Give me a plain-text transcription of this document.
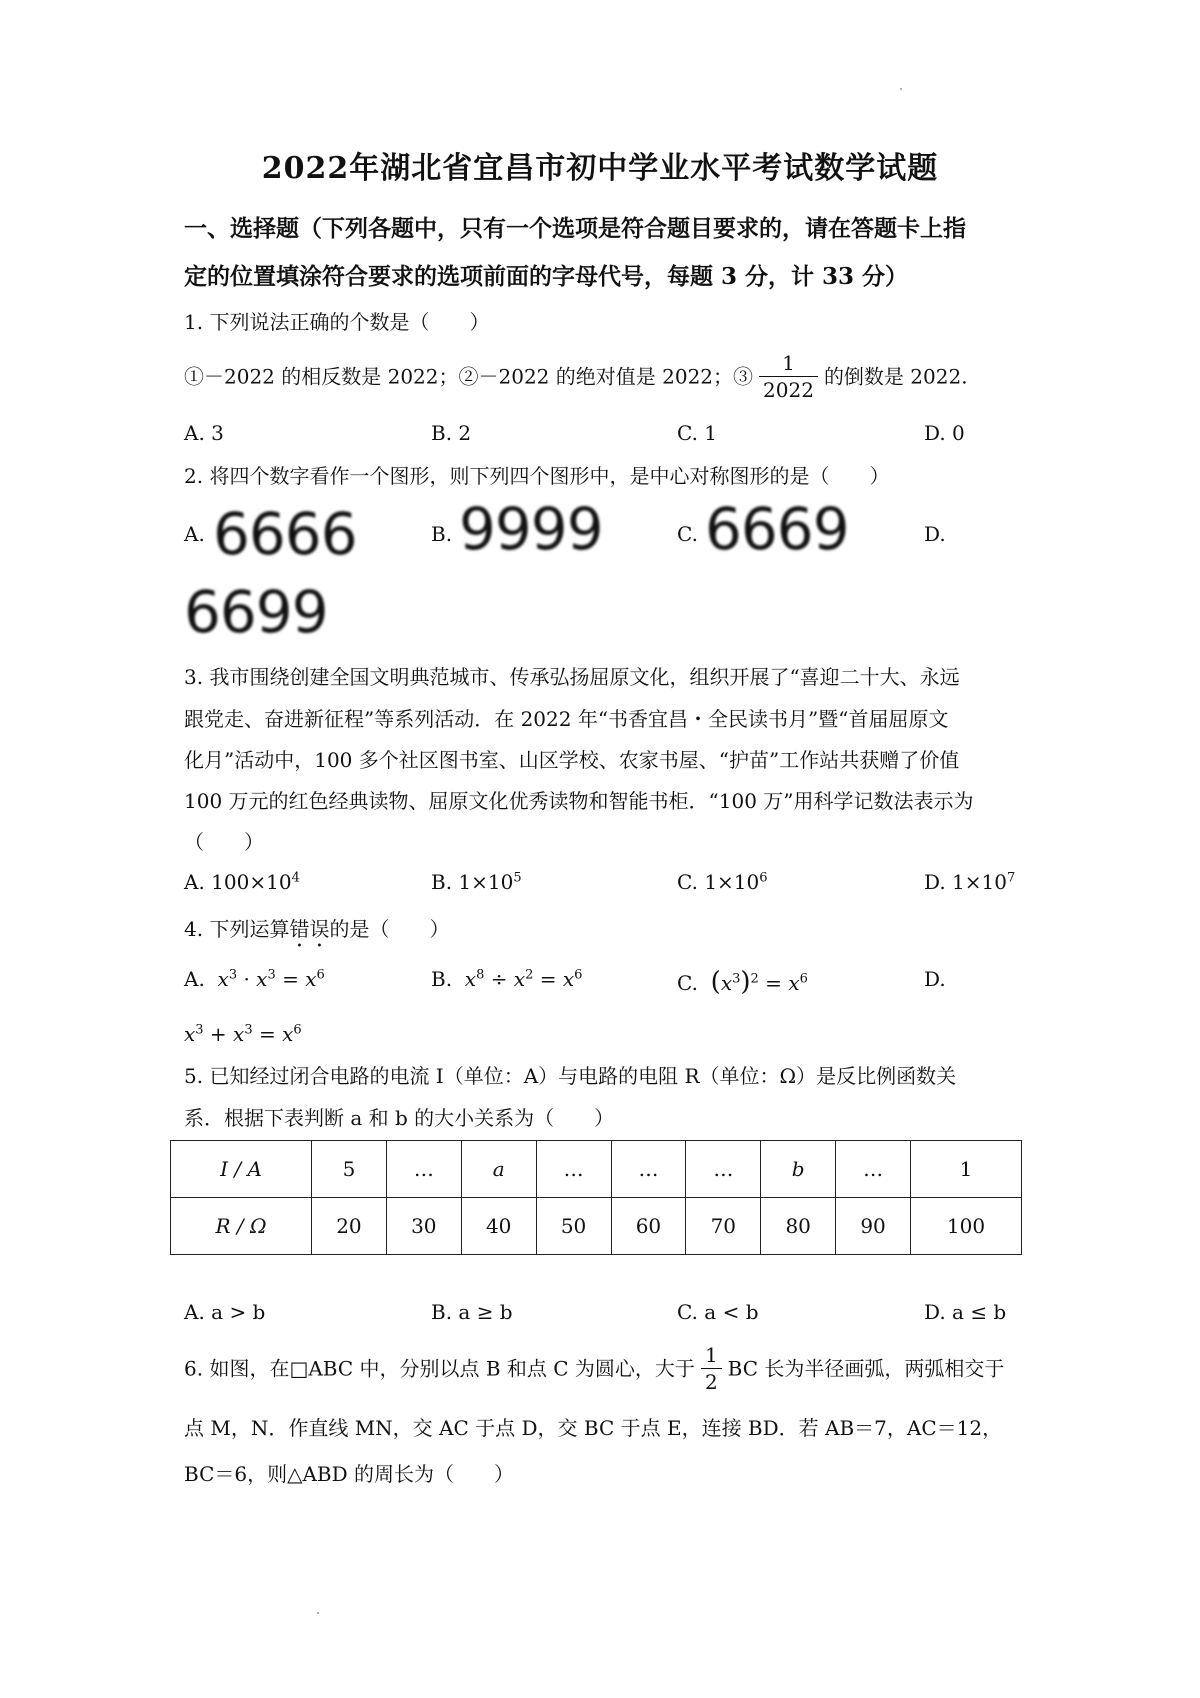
2022年湖北省宜昌市初中学业水平考试数学试题
一、选择题（下列各题中，只有一个选项是符合题目要求的，请在答题卡上指
定的位置填涂符合要求的选项前面的字母代号，每题 3 分，计 33 分）
1. 下列说法正确的个数是（　　）
①－2022 的相反数是 2022；②－2022 的绝对值是 2022；③ $\frac{1}{2022}$ 的倒数是 2022.
A. 3	B. 2	C. 1	D. 0
2. 将四个数字看作一个图形，则下列四个图形中，是中心对称图形的是（　　）
A. 6666	B. 9999	C. 6669	D.
6699
3. 我市围绕创建全国文明典范城市、传承弘扬屈原文化，组织开展了“喜迎二十大、永远
跟党走、奋进新征程”等系列活动．在 2022 年“书香宜昌・全民读书月”暨“首届屈原文
化月”活动中，100 多个社区图书室、山区学校、农家书屋、“护苗”工作站共获赠了价值
100 万元的红色经典读物、屈原文化优秀读物和智能书柜．“100 万”用科学记数法表示为
（　　）
A. $100\times 10^4$	B. $1\times 10^5$	C. $1\times 10^6$	D. $1\times 10^7$
4. 下列运算错误的是（　　）
A. $x^3 \cdot x^3 = x^6$	B. $x^8 \div x^2 = x^6$	C. $(x^3)^2 = x^6$	D.
$x^3 + x^3 = x^6$
5. 已知经过闭合电路的电流 I（单位：A）与电路的电阻 R（单位：Ω）是反比例函数关
系．根据下表判断 a 和 b 的大小关系为（　　）
I / A	5	…	a	…	…	…	b	…	1
R / Ω	20	30	40	50	60	70	80	90	100
A. a > b	B. a ≥ b	C. a < b	D. a ≤ b
6. 如图，在□ABC 中，分别以点 B 和点 C 为圆心，大于 $\frac{1}{2}$ BC 长为半径画弧，两弧相交于
点 M，N．作直线 MN，交 AC 于点 D，交 BC 于点 E，连接 BD．若 AB＝7，AC＝12，
BC＝6，则△ABD 的周长为（　　）
